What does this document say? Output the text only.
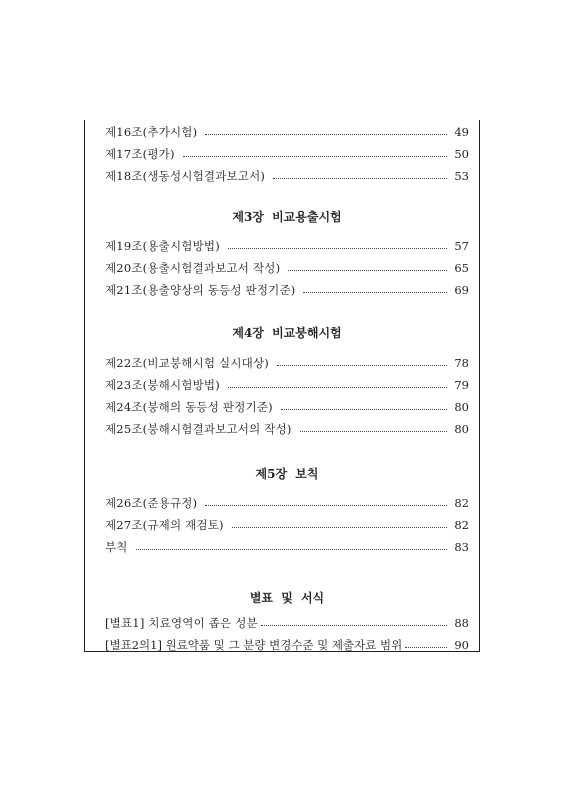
제16조(추가시험)	49
제17조(평가)	50
제18조(생동성시험결과보고서)	53
제3장 비교용출시험
제19조(용출시험방법)	57
제20조(용출시험결과보고서 작성)	65
제21조(용출양상의 동등성 판정기준)	69
제4장 비교붕해시험
제22조(비교붕해시험 실시대상)	78
제23조(붕해시험방법)	79
제24조(붕해의 동등성 판정기준)	80
제25조(붕해시험결과보고서의 작성)	80
제5장 보칙
제26조(준용규정)	82
제27조(규제의 재검토)	82
부칙	83
별표 및 서식
[별표1] 치료영역이 좁은 성분	88
[별표2의1] 원료약품 및 그 분량 변경수준 및 제출자료 범위	90
